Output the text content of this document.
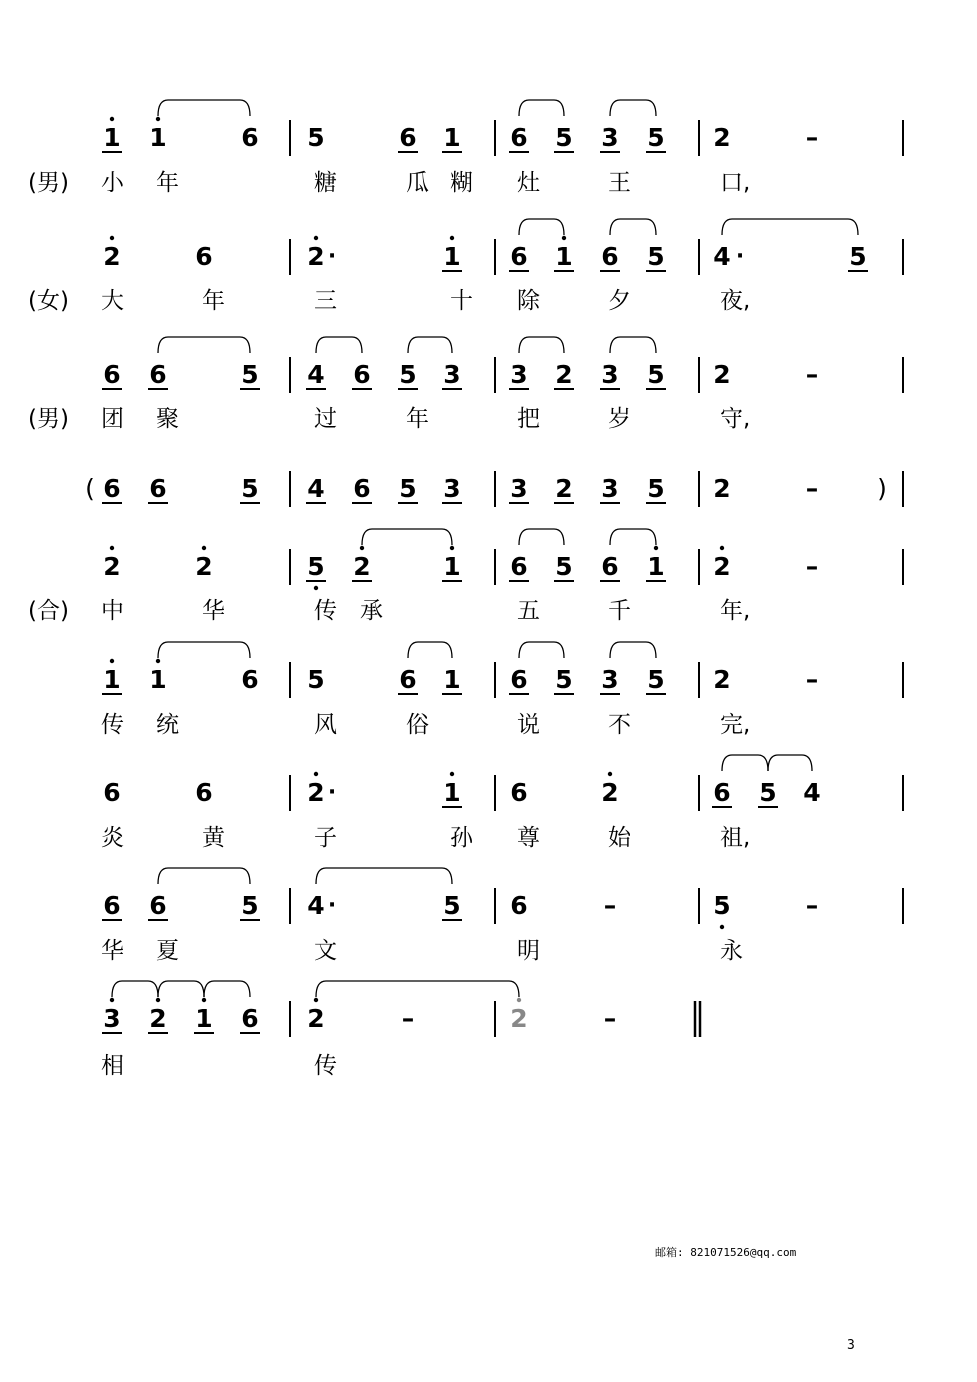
1 1	6 5	6 1 6 5 3 5 2	–
(男) 小 年	糖	瓜 糊 灶	王	口,
2	6	2 ·	1 6 1 6 5 4 ·	5
(女) 大	年	三	十 除	夕	夜,
6 6	5 4 6 5 3 3 2 3 5 2	–
(男) 团 聚	过	年	把	岁	守,
( 6 6	5 4 6 5 3 3 2 3 5 2	– )
2	2	5 2	1 6 5 6 1 2	–
(合) 中	华	传 承	五	千	年,
1 1	6 5	6 1 6 5 3 5 2	–
传 统	风	俗	说	不	完,
6	6	2 ·	1 6	2	6 5 4
炎	黄	子	孙 尊	始	祖,
6 6	5 4 ·	5 6	–	5	–
华 夏	文	明	永
3 2 1 6 2	–	2	–
相	传
邮箱: 821071526@qq.com
3
